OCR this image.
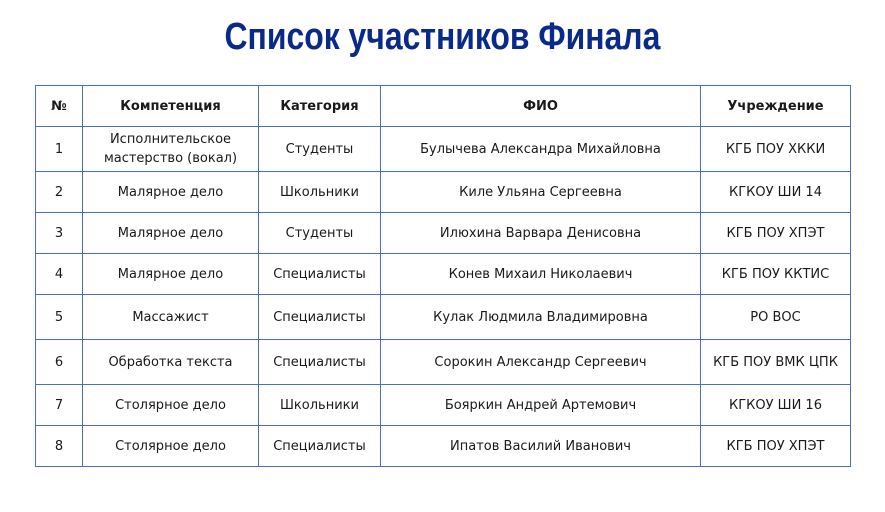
Список участников Финала
№	Компетенция	Категория	ФИО	Учреждение
1	Исполнительское мастерство (вокал)	Студенты	Булычева Александра Михайловна	КГБ ПОУ ХККИ
2	Малярное дело	Школьники	Киле Ульяна Сергеевна	КГКОУ ШИ 14
3	Малярное дело	Студенты	Илюхина Варвара Денисовна	КГБ ПОУ ХПЭТ
4	Малярное дело	Специалисты	Конев Михаил Николаевич	КГБ ПОУ ККТИС
5	Массажист	Специалисты	Кулак Людмила Владимировна	РО ВОС
6	Обработка текста	Специалисты	Сорокин Александр Сергеевич	КГБ ПОУ ВМК ЦПК
7	Столярное дело	Школьники	Бояркин Андрей Артемович	КГКОУ ШИ 16
8	Столярное дело	Специалисты	Ипатов Василий Иванович	КГБ ПОУ ХПЭТ
